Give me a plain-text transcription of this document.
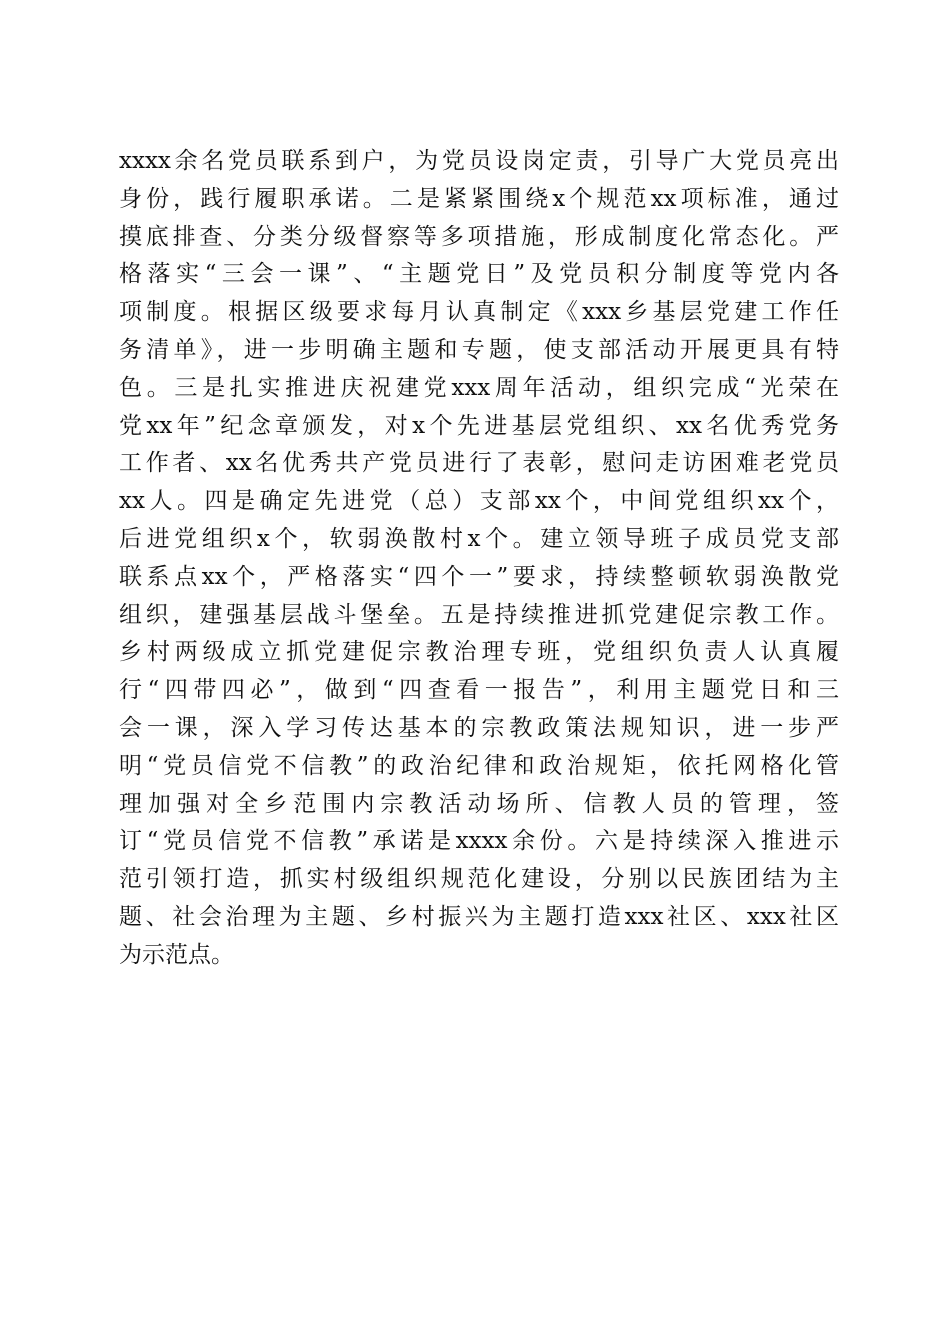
xxxx余名党员联系到户，为党员设岗定责，引导广大党员亮出
身份，践行履职承诺。二是紧紧围绕x个规范xx项标准，通过
摸底排查、分类分级督察等多项措施，形成制度化常态化。严
格落实“三会一课”、“主题党日”及党员积分制度等党内各
项制度。根据区级要求每月认真制定《xxx乡基层党建工作任
务清单》，进一步明确主题和专题，使支部活动开展更具有特
色。三是扎实推进庆祝建党xxx周年活动，组织完成“光荣在
党xx年”纪念章颁发，对x个先进基层党组织、xx名优秀党务
工作者、xx名优秀共产党员进行了表彰，慰问走访困难老党员
xx人。四是确定先进党（总）支部xx个，中间党组织xx个，
后进党组织x个，软弱涣散村x个。建立领导班子成员党支部
联系点xx个，严格落实“四个一”要求，持续整顿软弱涣散党
组织，建强基层战斗堡垒。五是持续推进抓党建促宗教工作。
乡村两级成立抓党建促宗教治理专班，党组织负责人认真履
行“四带四必”，做到“四查看一报告”，利用主题党日和三
会一课，深入学习传达基本的宗教政策法规知识，进一步严
明“党员信党不信教”的政治纪律和政治规矩，依托网格化管
理加强对全乡范围内宗教活动场所、信教人员的管理，签
订“党员信党不信教”承诺是xxxx余份。六是持续深入推进示
范引领打造，抓实村级组织规范化建设，分别以民族团结为主
题、社会治理为主题、乡村振兴为主题打造xxx社区、xxx社区
为示范点。
